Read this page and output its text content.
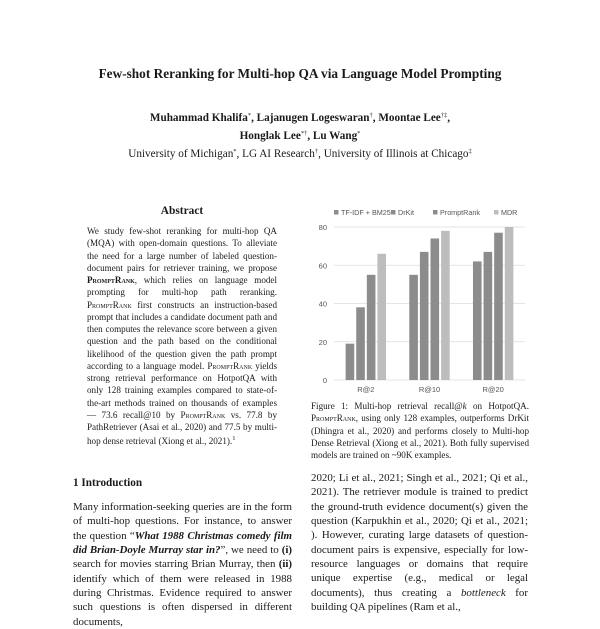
Few-shot Reranking for Multi-hop QA via Language Model Prompting
Muhammad Khalifa*, Lajanugen Logeswaran†, Moontae Lee†‡,
Honglak Lee*†, Lu Wang*
University of Michigan*, LG AI Research†, University of Illinois at Chicago‡
Abstract
We study few-shot reranking for multi-hop QA (MQA) with open-domain questions. To alleviate the need for a large number of labeled question-document pairs for retriever training, we propose PromptRank, which relies on language model prompting for multi-hop path reranking. PromptRank first constructs an instruction-based prompt that includes a candidate document path and then computes the relevance score between a given question and the path based on the conditional likelihood of the question given the path prompt according to a language model. PromptRank yields strong retrieval performance on HotpotQA with only 128 training examples compared to state-of-the-art methods trained on thousands of examples — 73.6 recall@10 by PromptRank vs. 77.8 by PathRetriever (Asai et al., 2020) and 77.5 by multi-hop dense retrieval (Xiong et al., 2021).$^1$
TF-IDF + BM25 DrKit	PromptRank	MDR
0
20
40
60
80
R@2	R@10	R@20
Figure 1: Multi-hop retrieval recall@k on HotpotQA. PromptRank, using only 128 examples, outperforms DrKit (Dhingra et al., 2020) and performs closely to Multi-hop Dense Retrieval (Xiong et al., 2021). Both fully supervised models are trained on ~90K examples.
1 Introduction
Many information-seeking queries are in the form of multi-hop questions. For instance, to answer the question “What 1988 Christmas comedy film did Brian-Doyle Murray star in?”, we need to (i) search for movies starring Brian Murray, then (ii) identify which of them were released in 1988 during Christmas. Evidence required to answer such questions is often dispersed in different documents,
2020; Li et al., 2021; Singh et al., 2021; Qi et al., 2021). The retriever module is trained to predict the ground-truth evidence document(s) given the question (Karpukhin et al., 2020; Qi et al., 2021; ). However, curating large datasets of question-document pairs is expensive, especially for low-resource languages or domains that require unique expertise (e.g., medical or legal documents), thus creating a bottleneck for building QA pipelines (Ram et al.,
